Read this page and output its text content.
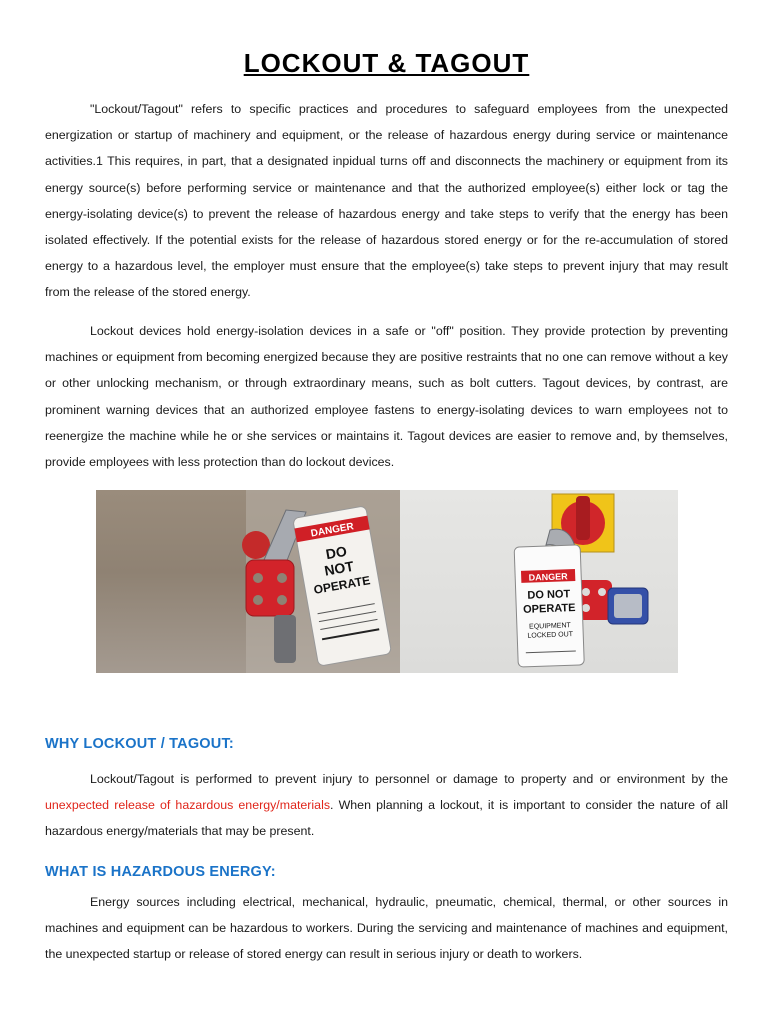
LOCKOUT & TAGOUT

"Lockout/Tagout" refers to specific practices and procedures to safeguard employees from the unexpected energization or startup of machinery and equipment, or the release of hazardous energy during service or maintenance activities.1 This requires, in part, that a designated inpidual turns off and disconnects the machinery or equipment from its energy source(s) before performing service or maintenance and that the authorized employee(s) either lock or tag the energy-isolating device(s) to prevent the release of hazardous energy and take steps to verify that the energy has been isolated effectively. If the potential exists for the release of hazardous stored energy or for the re-accumulation of stored energy to a hazardous level, the employer must ensure that the employee(s) take steps to prevent injury that may result from the release of the stored energy.

Lockout devices hold energy-isolation devices in a safe or "off" position. They provide protection by preventing machines or equipment from becoming energized because they are positive restraints that no one can remove without a key or other unlocking mechanism, or through extraordinary means, such as bolt cutters. Tagout devices, by contrast, are prominent warning devices that an authorized employee fastens to energy-isolating devices to warn employees not to reenergize the machine while he or she services or maintains it. Tagout devices are easier to remove and, by themselves, provide employees with less protection than do lockout devices.

DANGER
DO
NOT
OPERATE	DANGER
DO NOT
OPERATE
EQUIPMENT
LOCKED OUT
WHY LOCKOUT / TAGOUT:

Lockout/Tagout is performed to prevent injury to personnel or damage to property and or environment by the unexpected release of hazardous energy/materials. When planning a lockout, it is important to consider the nature of all hazardous energy/materials that may be present.

WHAT IS HAZARDOUS ENERGY:

Energy sources including electrical, mechanical, hydraulic, pneumatic, chemical, thermal, or other sources in machines and equipment can be hazardous to workers. During the servicing and maintenance of machines and equipment, the unexpected startup or release of stored energy can result in serious injury or death to workers.
